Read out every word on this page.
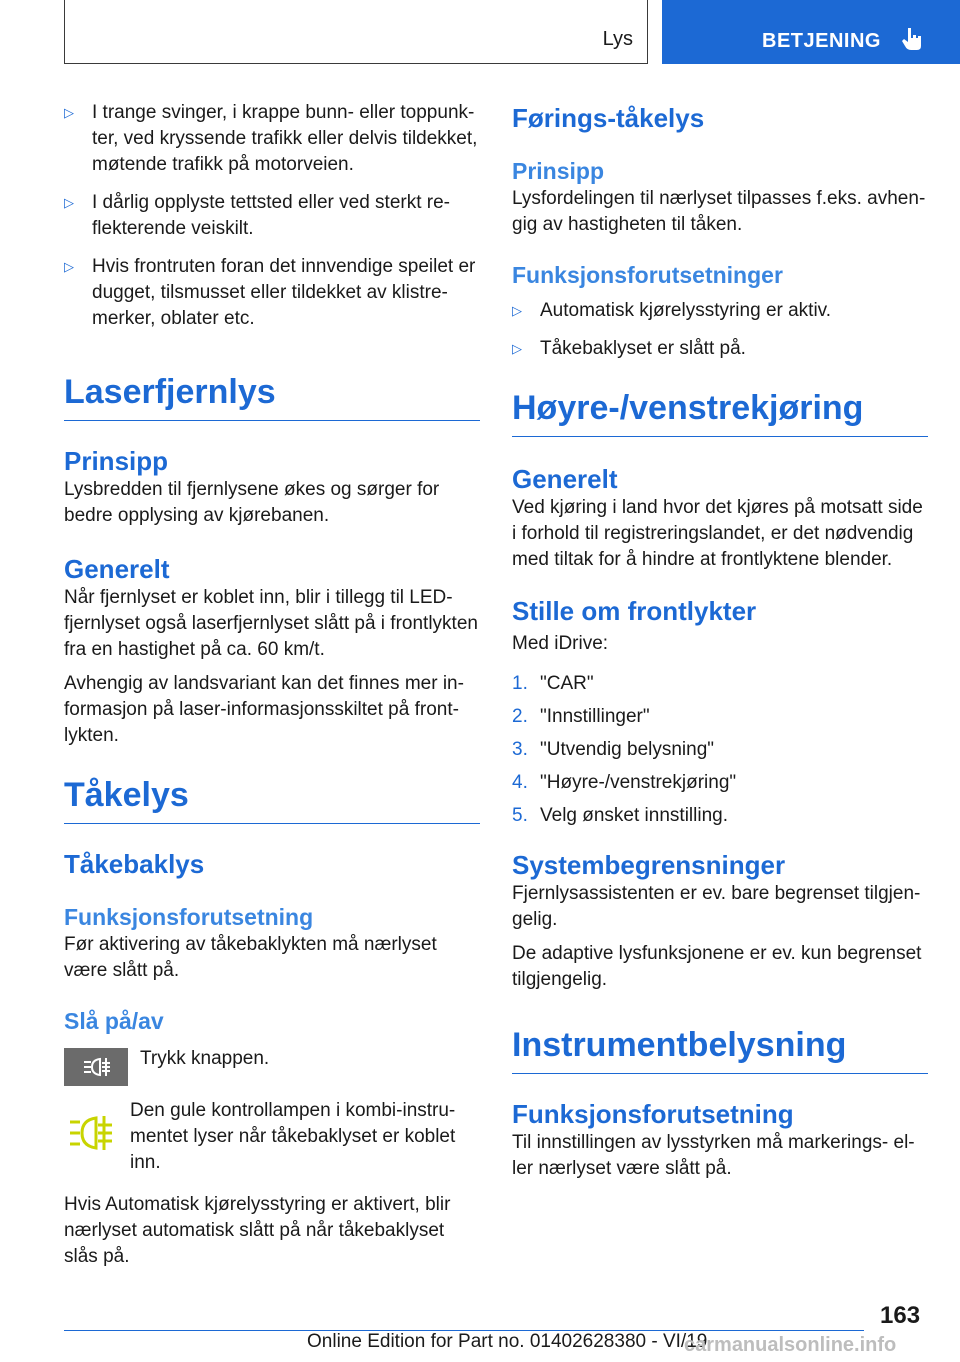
Lys	BETJENING
▷ I trange svinger, i krappe bunn- eller toppunk-ter, ved kryssende trafikk eller delvis tildekket, møtende trafikk på motorveien.
▷ I dårlig opplyste tettsted eller ved sterkt re-flekterende veiskilt.
▷ Hvis frontruten foran det innvendige speilet er dugget, tilsmusset eller tildekket av klistre-merker, oblater etc.
Laserfjernlys
Prinsipp

Lysbredden til fjernlysene økes og sørger for bedre opplysing av kjørebanen.

Generelt

Når fjernlyset er koblet inn, blir i tillegg til LED-fjernlyset også laserfjernlyset slått på i frontlykten fra en hastighet på ca. 60 km/t.

Avhengig av landsvariant kan det finnes mer in-formasjon på laser-informasjonsskiltet på front-lykten.

Tåkelys
Tåkebaklys
Funksjonsforutsetning

Før aktivering av tåkebaklykten må nærlyset være slått på.

Slå på/av

Trykk knappen.

Den gule kontrollampen i kombi-instru-mentet lyser når tåkebaklyset er koblet inn.

Hvis Automatisk kjørelysstyring er aktivert, blir nærlyset automatisk slått på når tåkebaklyset slås på.

Førings-tåkelys
Prinsipp

Lysfordelingen til nærlyset tilpasses f.eks. avhen-gig av hastigheten til tåken.

Funksjonsforutsetninger
▷ Automatisk kjørelysstyring er aktiv.
▷ Tåkebaklyset er slått på.
Høyre-/venstrekjøring
Generelt

Ved kjøring i land hvor det kjøres på motsatt side i forhold til registreringslandet, er det nødvendig med tiltak for å hindre at frontlyktene blender.

Stille om frontlykter

Med iDrive:

1. "CAR"
2. "Innstillinger"
3. "Utvendig belysning"
4. "Høyre-/venstrekjøring"
5. Velg ønsket innstilling.
Systembegrensninger

Fjernlysassistenten er ev. bare begrenset tilgjen-gelig.

De adaptive lysfunksjonene er ev. kun begrenset tilgjengelig.

Instrumentbelysning
Funksjonsforutsetning

Til innstillingen av lysstyrken må markerings- el-ler nærlyset være slått på.

163
Online Edition for Part no. 01402628380 - VI/19
carmanualsonline.info
